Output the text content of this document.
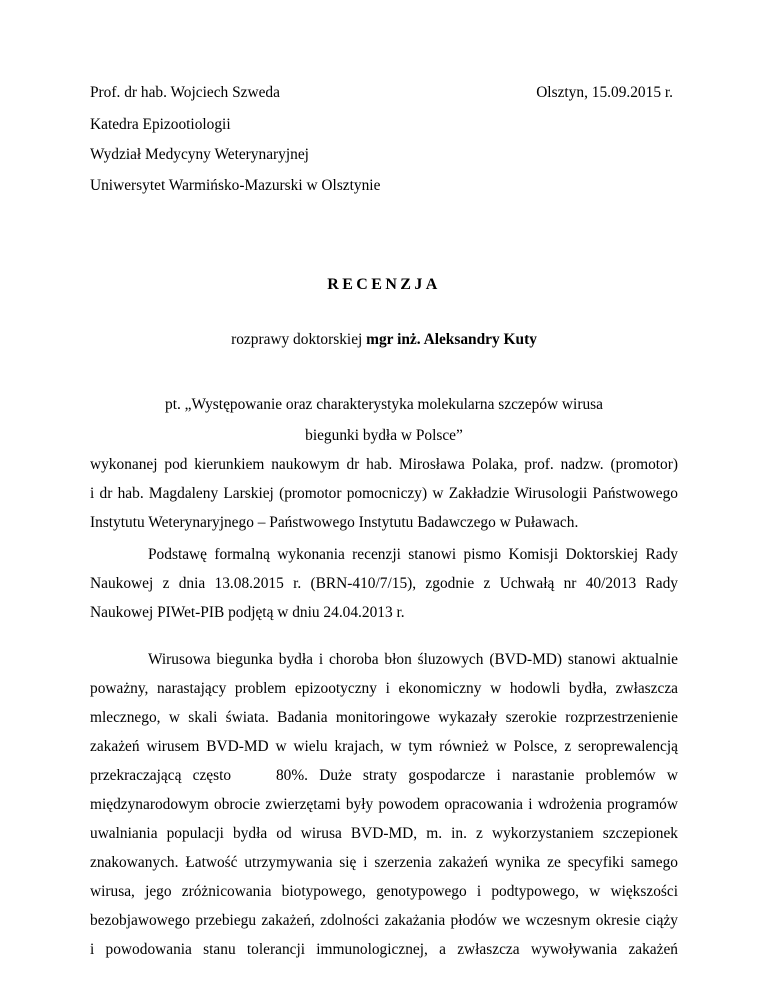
Prof. dr hab. Wojciech Szweda	Olsztyn, 15.09.2015 r.
Katedra Epizootiologii
Wydział Medycyny Weterynaryjnej
Uniwersytet Warmińsko-Mazurski w Olsztynie
RECENZJA
rozprawy doktorskiej mgr inż. Aleksandry Kuty
pt. „Występowanie oraz charakterystyka molekularna szczepów wirusa
biegunki bydła w Polsce”
wykonanej pod kierunkiem naukowym dr hab. Mirosława Polaka, prof. nadzw. (promotor)
i dr hab. Magdaleny Larskiej (promotor pomocniczy) w Zakładzie Wirusologii Państwowego
Instytutu Weterynaryjnego – Państwowego Instytutu Badawczego w Puławach.
Podstawę formalną wykonania recenzji stanowi pismo Komisji Doktorskiej Rady
Naukowej z dnia 13.08.2015 r. (BRN-410/7/15), zgodnie z Uchwałą nr 40/2013 Rady
Naukowej PIWet-PIB podjętą w dniu 24.04.2013 r.
Wirusowa biegunka bydła i choroba błon śluzowych (BVD-MD) stanowi aktualnie
poważny, narastający problem epizootyczny i ekonomiczny w hodowli bydła, zwłaszcza
mlecznego, w skali świata. Badania monitoringowe wykazały szerokie rozprzestrzenienie
zakażeń wirusem BVD-MD w wielu krajach, w tym również w Polsce, z seroprewalencją
przekraczającą często    80%. Duże straty gospodarcze i narastanie problemów w
międzynarodowym obrocie zwierzętami były powodem opracowania i wdrożenia programów
uwalniania populacji bydła od wirusa BVD-MD, m. in. z wykorzystaniem szczepionek
znakowanych. Łatwość utrzymywania się i szerzenia zakażeń wynika ze specyfiki samego
wirusa, jego zróżnicowania biotypowego, genotypowego i podtypowego, w większości
bezobjawowego przebiegu zakażeń, zdolności zakażania płodów we wczesnym okresie ciąży
i powodowania stanu tolerancji immunologicznej, a zwłaszcza wywoływania zakażeń
